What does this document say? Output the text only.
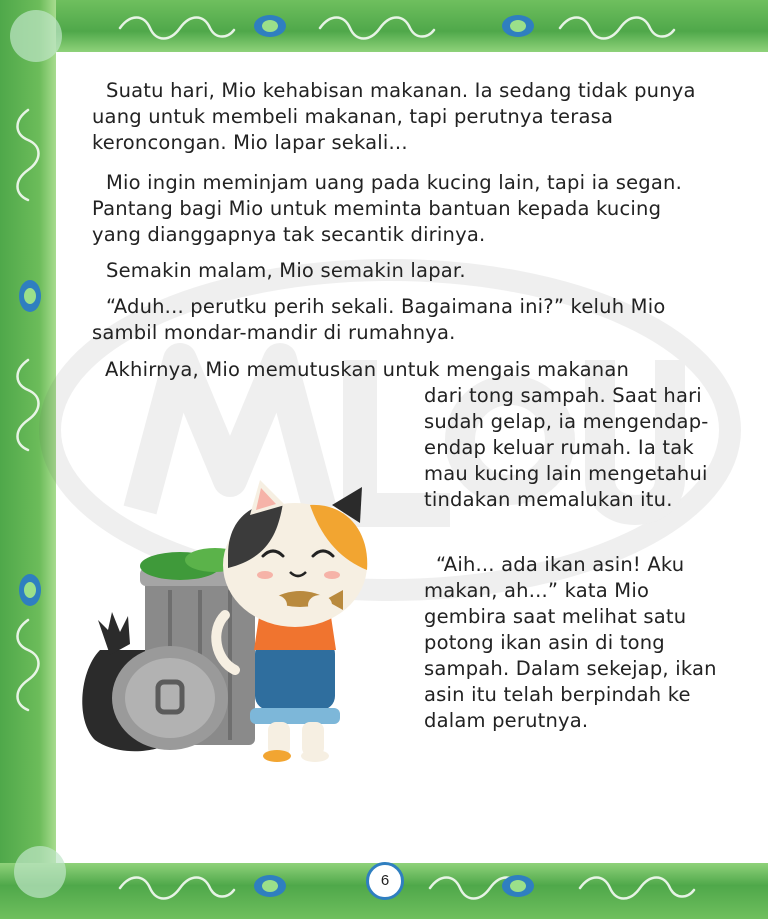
Suatu hari, Mio kehabisan makanan. Ia sedang tidak punya uang untuk membeli makanan, tapi perutnya terasa keroncongan. Mio lapar sekali...
Mio ingin meminjam uang pada kucing lain, tapi ia segan. Pantang bagi Mio untuk meminta bantuan kepada kucing yang dianggapnya tak secantik dirinya.
Semakin malam, Mio semakin lapar.
“Aduh... perutku perih sekali. Bagaimana ini?” keluh Mio sambil mondar-mandir di rumahnya.
Akhirnya, Mio memutuskan untuk mengais makanan
dari tong sampah. Saat hari sudah gelap, ia mengendap-endap keluar rumah. Ia tak mau kucing lain mengetahui tindakan memalukan itu.
“Aih... ada ikan asin! Aku makan, ah...” kata Mio gembira saat melihat satu potong ikan asin di tong sampah. Dalam sekejap, ikan asin itu telah berpindah ke dalam perutnya.
6
